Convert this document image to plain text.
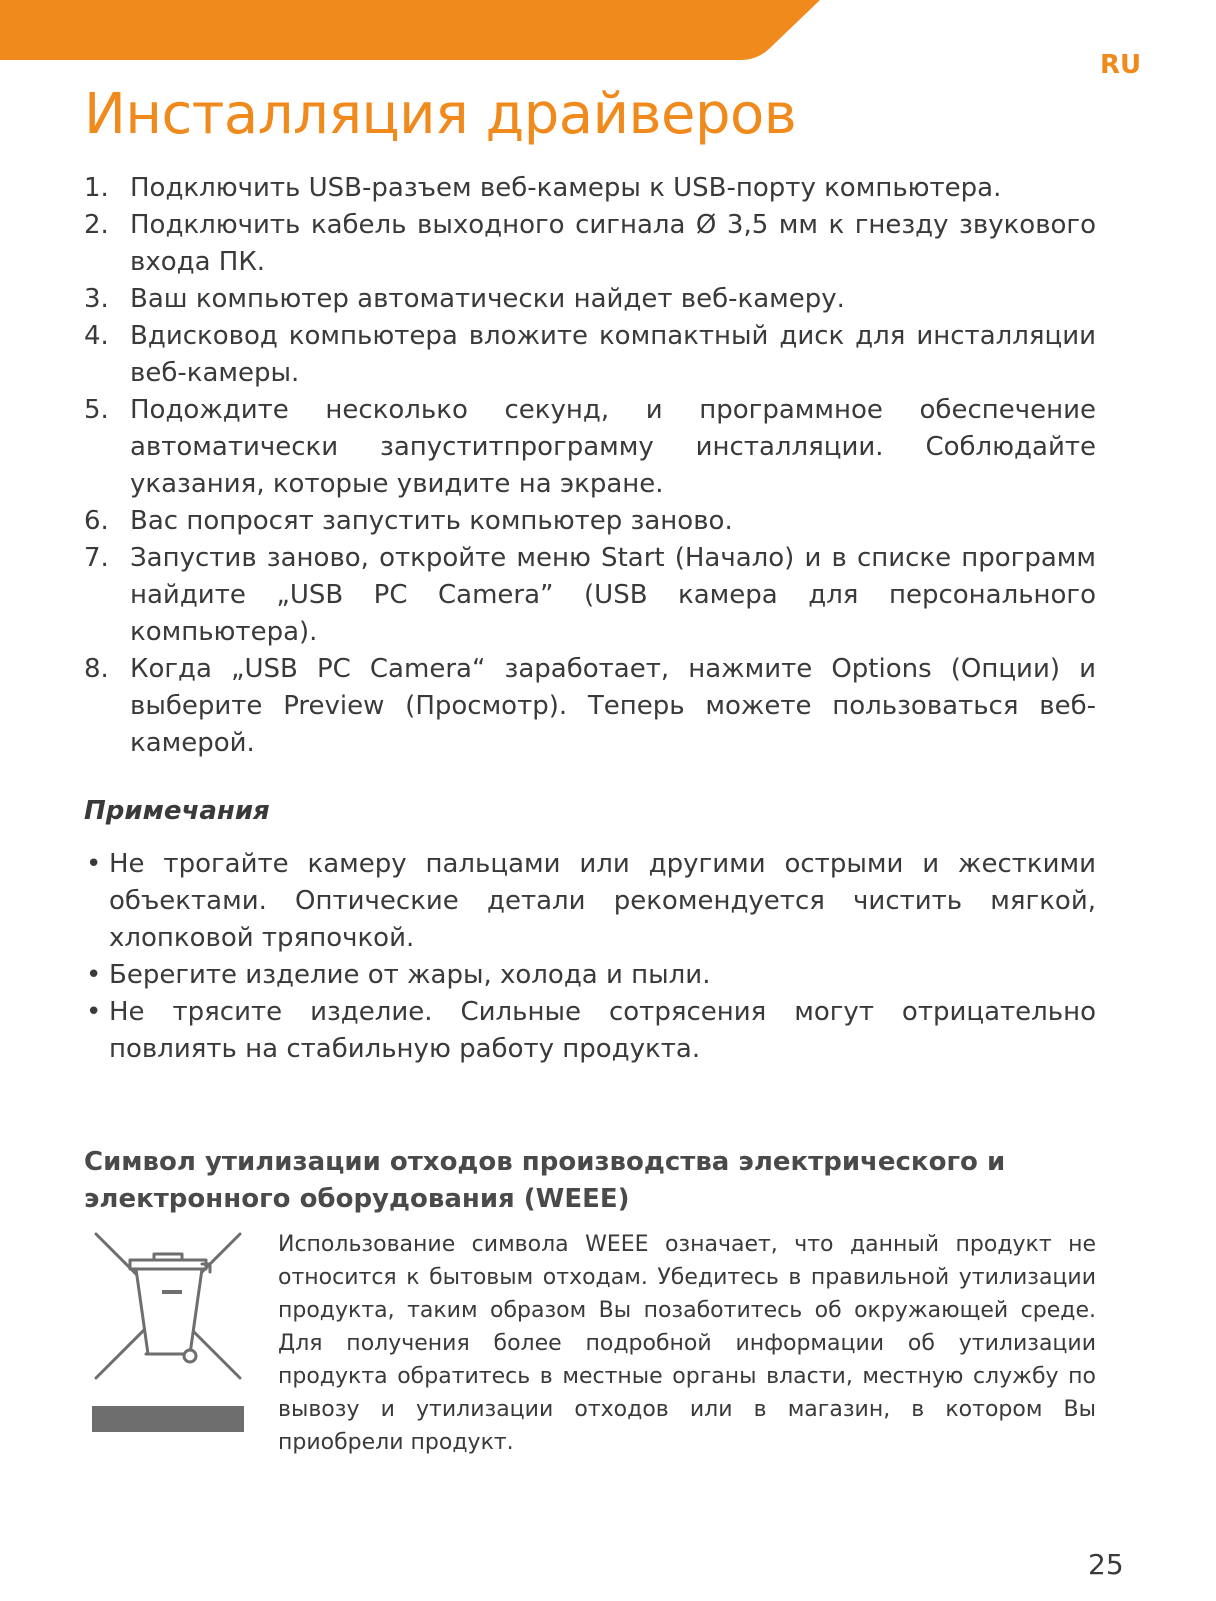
RU
Инсталляция драйверов
1. Подключить USB-разъем веб-камеры к USB-порту компьютера.
2. Подключить кабель выходного сигнала Ø 3,5 мм к гнезду звукового входа ПК.
3. Ваш компьютер автоматически найдет веб-камеру.
4. Вдисковод компьютера вложите компактный диск для инсталляции веб-камеры.
5. Подождите несколько секунд, и программное обеспечение автоматически запуститпрограмму инсталляции. Соблюдайте указания, которые увидите на экране.
6. Вас попросят запустить компьютер заново.
7. Запустив заново, откройте меню Start (Начало) и в списке программ найдите „USB PC Camera” (USB камера для персонального компьютера).
8. Когда „USB PC Camera“ заработает, нажмите Options (Опции) и выберите Preview (Просмотр). Теперь можете пользоваться веб-камерой.
Примечания
• Не трогайте камеру пальцами или другими острыми и жесткими объектами. Оптические детали рекомендуется чистить мягкой, хлопковой тряпочкой.
• Берегите изделие от жары, холода и пыли.
• Не трясите изделие. Сильные сотрясения могут отрицательно повлиять на стабильную работу продукта.
Символ утилизации отходов производства электрического и электронного оборудования (WEEE)

Использование символа WEEE означает, что данный продукт не относится к бытовым отходам. Убедитесь в правильной утилизации продукта, таким образом Вы позаботитесь об окружающей среде. Для получения более подробной информации об утилизации продукта обратитесь в местные органы власти, местную службу по вывозу и утилизации отходов или в магазин, в котором Вы приобрели продукт.

25
